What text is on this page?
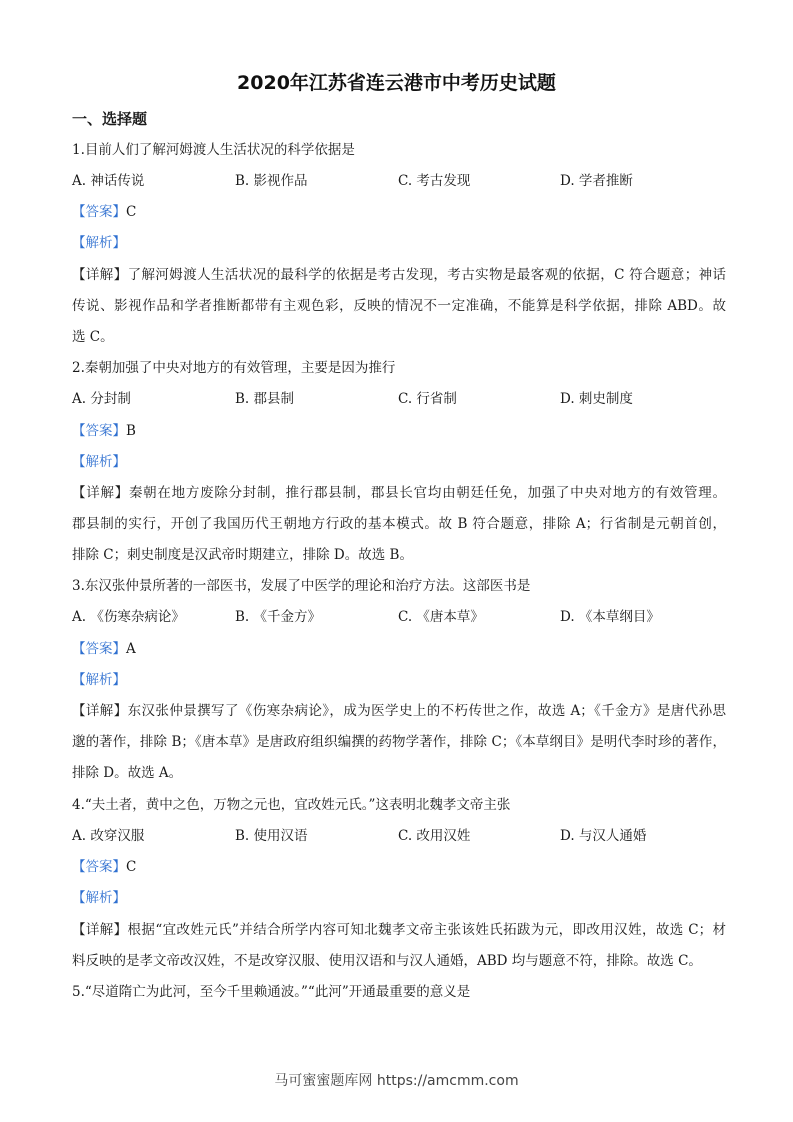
2020年江苏省连云港市中考历史试题
一、选择题
1.目前人们了解河姆渡人生活状况的科学依据是
A. 神话传说	B. 影视作品	C. 考古发现	D. 学者推断
【答案】C
【解析】
【详解】了解河姆渡人生活状况的最科学的依据是考古发现，考古实物是最客观的依据，C 符合题意；神话
传说、影视作品和学者推断都带有主观色彩，反映的情况不一定准确，不能算是科学依据，排除 ABD。故
选 C。
2.秦朝加强了中央对地方的有效管理，主要是因为推行
A. 分封制	B. 郡县制	C. 行省制	D. 刺史制度
【答案】B
【解析】
【详解】秦朝在地方废除分封制，推行郡县制，郡县长官均由朝廷任免，加强了中央对地方的有效管理。
郡县制的实行，开创了我国历代王朝地方行政的基本模式。故 B 符合题意，排除 A；行省制是元朝首创，
排除 C；刺史制度是汉武帝时期建立，排除 D。故选 B。
3.东汉张仲景所著的一部医书，发展了中医学的理论和治疗方法。这部医书是
A. 《伤寒杂病论》	B. 《千金方》	C. 《唐本草》	D. 《本草纲目》
【答案】A
【解析】
【详解】东汉张仲景撰写了《伤寒杂病论》，成为医学史上的不朽传世之作，故选 A；《千金方》是唐代孙思
邈的著作，排除 B；《唐本草》是唐政府组织编撰的药物学著作，排除 C；《本草纲目》是明代李时珍的著作，
排除 D。故选 A。
4.“夫土者，黄中之色，万物之元也，宜改姓元氏。”这表明北魏孝文帝主张
A. 改穿汉服	B. 使用汉语	C. 改用汉姓	D. 与汉人通婚
【答案】C
【解析】
【详解】根据“宜改姓元氏”并结合所学内容可知北魏孝文帝主张该姓氏拓跋为元，即改用汉姓，故选 C；材
料反映的是孝文帝改汉姓，不是改穿汉服、使用汉语和与汉人通婚，ABD 均与题意不符，排除。故选 C。
5.“尽道隋亡为此河，至今千里赖通波。”“此河”开通最重要的意义是
马可蜜蜜题库网 https://amcmm.com
